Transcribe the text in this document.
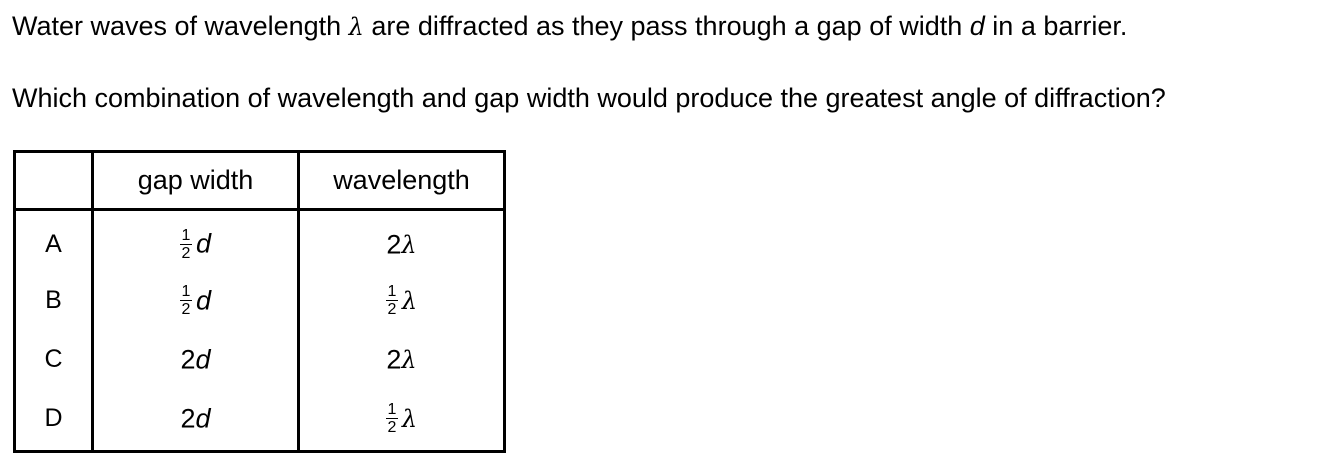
Water waves of wavelength λ are diffracted as they pass through a gap of width d in a barrier.
Which combination of wavelength and gap width would produce the greatest angle of diffraction?
	gap width	wavelength
A	$\frac{1}{2}$ d	2λ
B	$\frac{1}{2}$ d	$\frac{1}{2}$ λ
C	2d	2λ
D	2d	$\frac{1}{2}$ λ
